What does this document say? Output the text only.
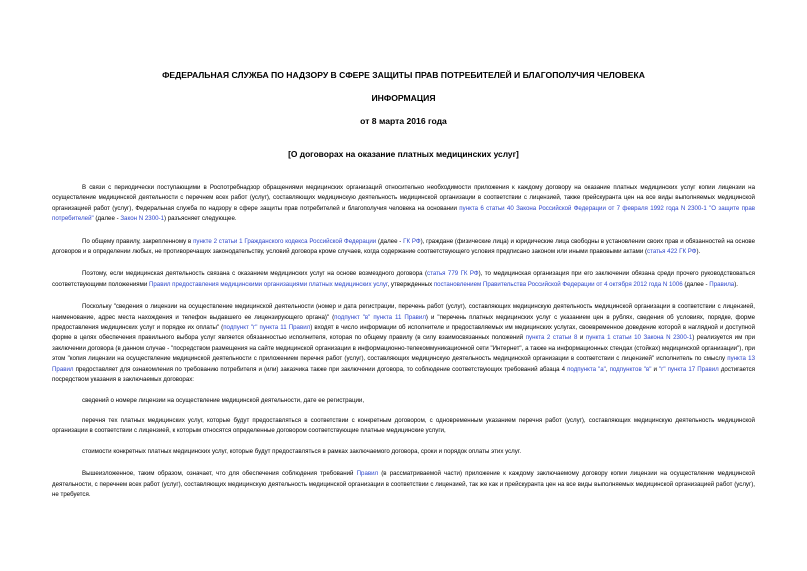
ФЕДЕРАЛЬНАЯ СЛУЖБА ПО НАДЗОРУ В СФЕРЕ ЗАЩИТЫ ПРАВ ПОТРЕБИТЕЛЕЙ И БЛАГОПОЛУЧИЯ ЧЕЛОВЕКА
ИНФОРМАЦИЯ
от 8 марта 2016 года
[О договорах на оказание платных медицинских услуг]

В связи с периодически поступающими в Роспотребнадзор обращениями медицинских организаций относительно необходимости приложения к каждому договору на оказание платных медицинских услуг копии лицензии на осуществление медицинской деятельности с перечнем всех работ (услуг), составляющих медицинскую деятельность медицинской организации в соответствии с лицензией, также прейскуранта цен на все виды выполняемых медицинской организацией работ (услуг), Федеральная служба по надзору в сфере защиты прав потребителей и благополучия человека на основании пункта 6 статьи 40 Закона Российской Федерации от 7 февраля 1992 года N 2300-1 "О защите прав потребителей" (далее - Закон N 2300-1) разъясняет следующее.

По общему правилу, закрепленному в пункте 2 статьи 1 Гражданского кодекса Российской Федерации (далее - ГК РФ), граждане (физические лица) и юридические лица свободны в установлении своих прав и обязанностей на основе договоров и в определении любых, не противоречащих законодательству, условий договора кроме случаев, когда содержание соответствующего условия предписано законом или иными правовыми актами (статья 422 ГК РФ).

Поэтому, если медицинская деятельность связана с оказанием медицинских услуг на основе возмездного договора (статья 779 ГК РФ), то медицинская организация при его заключении обязана среди прочего руководствоваться соответствующими положениями Правил предоставления медицинскими организациями платных медицинских услуг, утвержденных постановлением Правительства Российской Федерации от 4 октября 2012 года N 1006 (далее - Правила).

Поскольку "сведения о лицензии на осуществление медицинской деятельности (номер и дата регистрации, перечень работ (услуг), составляющих медицинскую деятельность медицинской организации в соответствии с лицензией, наименование, адрес места нахождения и телефон выдавшего ее лицензирующего органа)" (подпункт "в" пункта 11 Правил) и "перечень платных медицинских услуг с указанием цен в рублях, сведения об условиях, порядке, форме предоставления медицинских услуг и порядке их оплаты" (подпункт "г" пункта 11 Правил) входят в число информации об исполнителе и предоставляемых им медицинских услугах, своевременное доведение которой в наглядной и доступной форме в целях обеспечения правильного выбора услуг является обязанностью исполнителя, которая по общему правилу (в силу взаимосвязанных положений пункта 2 статьи 8 и пункта 1 статьи 10 Закона N 2300-1) реализуется им при заключении договора (в данном случае - "посредством размещения на сайте медицинской организации в информационно-телекоммуникационной сети "Интернет", а также на информационных стендах (стойках) медицинской организации"), при этом "копия лицензии на осуществление медицинской деятельности с приложением перечня работ (услуг), составляющих медицинскую деятельность медицинской организации в соответствии с лицензией" исполнитель по смыслу пункта 13 Правил предоставляет для ознакомления по требованию потребителя и (или) заказчика также при заключении договора, то соблюдение соответствующих требований абзаца 4 подпункта "а", подпунктов "в" и "г" пункта 17 Правил достигается посредством указания в заключаемых договорах:

сведений о номере лицензии на осуществление медицинской деятельности, дате ее регистрации,

перечня тех платных медицинских услуг, которые будут предоставляться в соответствии с конкретным договором, с одновременным указанием перечня работ (услуг), составляющих медицинскую деятельность медицинской организации в соответствии с лицензией, к которым относятся определенные договором соответствующие платные медицинские услуги,

стоимости конкретных платных медицинских услуг, которые будут предоставляться в рамках заключаемого договора, сроки и порядок оплаты этих услуг.

Вышеизложенное, таким образом, означает, что для обеспечения соблюдения требований Правил (в рассматриваемой части) приложение к каждому заключаемому договору копии лицензии на осуществление медицинской деятельности, с перечнем всех работ (услуг), составляющих медицинскую деятельность медицинской организации в соответствии с лицензией, так же как и прейскуранта цен на все виды выполняемых медицинской организацией работ (услуг), не требуется.
